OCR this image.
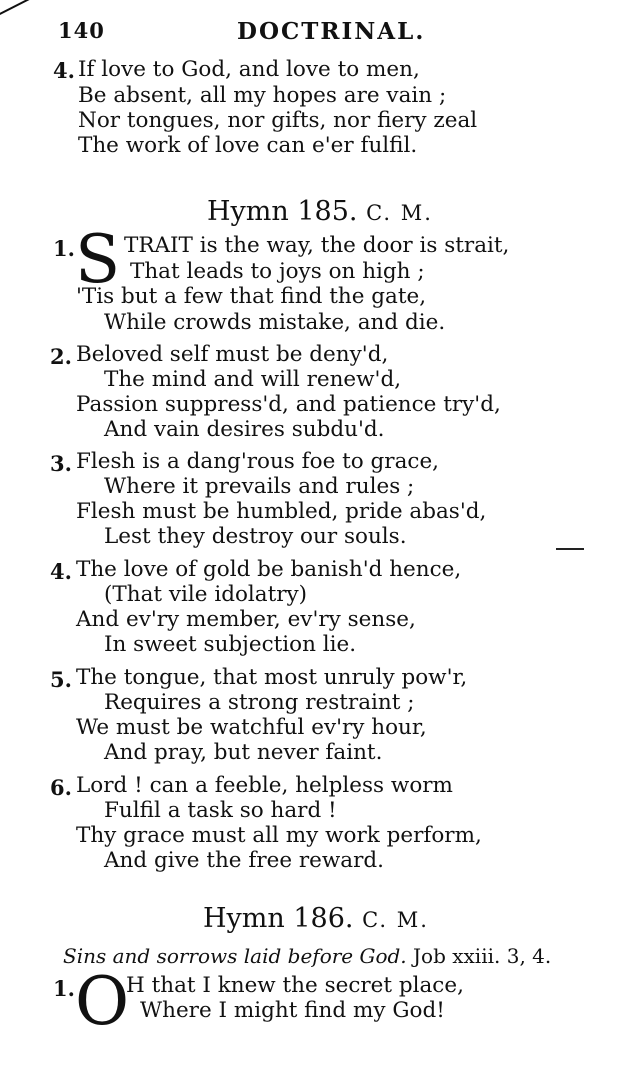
140	DOCTRINAL.
4. If love to God, and love to men,
Be absent, all my hopes are vain ;
Nor tongues, nor gifts, nor fiery zeal
The work of love can e'er fulfil.
Hymn 185. C. M.
1. S TRAIT is the way, the door is strait,
That leads to joys on high ;
'Tis but a few that find the gate,
While crowds mistake, and die.
2. Beloved self must be deny'd,
The mind and will renew'd,
Passion suppress'd, and patience try'd,
And vain desires subdu'd.
3. Flesh is a dang'rous foe to grace,
Where it prevails and rules ;
Flesh must be humbled, pride abas'd,
Lest they destroy our souls.
4. The love of gold be banish'd hence,
(That vile idolatry)
And ev'ry member, ev'ry sense,
In sweet subjection lie.
5. The tongue, that most unruly pow'r,
Requires a strong restraint ;
We must be watchful ev'ry hour,
And pray, but never faint.
6. Lord ! can a feeble, helpless worm
Fulfil a task so hard !
Thy grace must all my work perform,
And give the free reward.
Hymn 186. C. M.
Sins and sorrows laid before God. Job xxiii. 3, 4.
1. O
H that I knew the secret place,
Where I might find my God!
